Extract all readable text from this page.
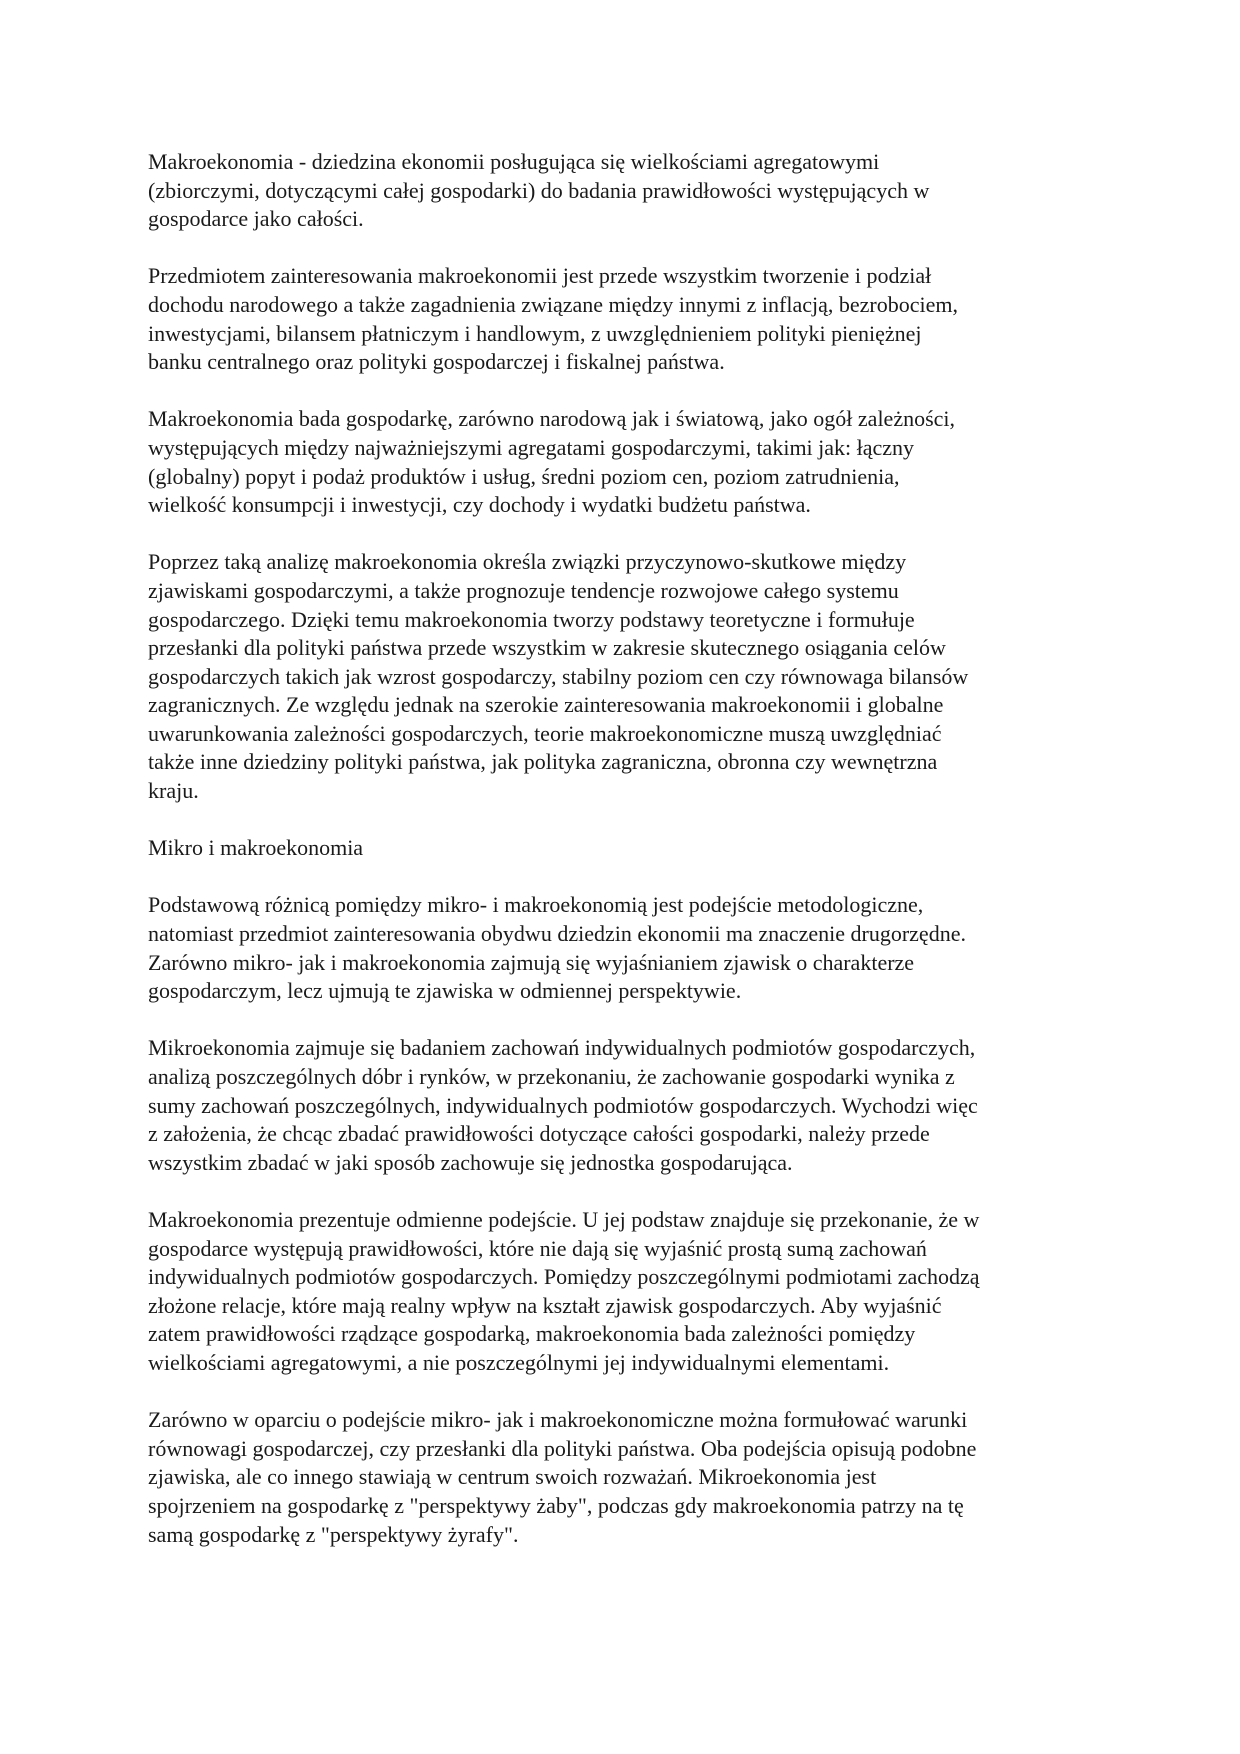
Makroekonomia - dziedzina ekonomii posługująca się wielkościami agregatowymi
(zbiorczymi, dotyczącymi całej gospodarki) do badania prawidłowości występujących w
gospodarce jako całości.

Przedmiotem zainteresowania makroekonomii jest przede wszystkim tworzenie i podział
dochodu narodowego a także zagadnienia związane między innymi z inflacją, bezrobociem,
inwestycjami, bilansem płatniczym i handlowym, z uwzględnieniem polityki pieniężnej
banku centralnego oraz polityki gospodarczej i fiskalnej państwa.

Makroekonomia bada gospodarkę, zarówno narodową jak i światową, jako ogół zależności,
występujących między najważniejszymi agregatami gospodarczymi, takimi jak: łączny
(globalny) popyt i podaż produktów i usług, średni poziom cen, poziom zatrudnienia,
wielkość konsumpcji i inwestycji, czy dochody i wydatki budżetu państwa.

Poprzez taką analizę makroekonomia określa związki przyczynowo-skutkowe między
zjawiskami gospodarczymi, a także prognozuje tendencje rozwojowe całego systemu
gospodarczego. Dzięki temu makroekonomia tworzy podstawy teoretyczne i formułuje
przesłanki dla polityki państwa przede wszystkim w zakresie skutecznego osiągania celów
gospodarczych takich jak wzrost gospodarczy, stabilny poziom cen czy równowaga bilansów
zagranicznych. Ze względu jednak na szerokie zainteresowania makroekonomii i globalne
uwarunkowania zależności gospodarczych, teorie makroekonomiczne muszą uwzględniać
także inne dziedziny polityki państwa, jak polityka zagraniczna, obronna czy wewnętrzna
kraju.

Mikro i makroekonomia

Podstawową różnicą pomiędzy mikro- i makroekonomią jest podejście metodologiczne,
natomiast przedmiot zainteresowania obydwu dziedzin ekonomii ma znaczenie drugorzędne.
Zarówno mikro- jak i makroekonomia zajmują się wyjaśnianiem zjawisk o charakterze
gospodarczym, lecz ujmują te zjawiska w odmiennej perspektywie.

Mikroekonomia zajmuje się badaniem zachowań indywidualnych podmiotów gospodarczych,
analizą poszczególnych dóbr i rynków, w przekonaniu, że zachowanie gospodarki wynika z
sumy zachowań poszczególnych, indywidualnych podmiotów gospodarczych. Wychodzi więc
z założenia, że chcąc zbadać prawidłowości dotyczące całości gospodarki, należy przede
wszystkim zbadać w jaki sposób zachowuje się jednostka gospodarująca.

Makroekonomia prezentuje odmienne podejście. U jej podstaw znajduje się przekonanie, że w
gospodarce występują prawidłowości, które nie dają się wyjaśnić prostą sumą zachowań
indywidualnych podmiotów gospodarczych. Pomiędzy poszczególnymi podmiotami zachodzą
złożone relacje, które mają realny wpływ na kształt zjawisk gospodarczych. Aby wyjaśnić
zatem prawidłowości rządzące gospodarką, makroekonomia bada zależności pomiędzy
wielkościami agregatowymi, a nie poszczególnymi jej indywidualnymi elementami.

Zarówno w oparciu o podejście mikro- jak i makroekonomiczne można formułować warunki
równowagi gospodarczej, czy przesłanki dla polityki państwa. Oba podejścia opisują podobne
zjawiska, ale co innego stawiają w centrum swoich rozważań. Mikroekonomia jest
spojrzeniem na gospodarkę z "perspektywy żaby", podczas gdy makroekonomia patrzy na tę
samą gospodarkę z "perspektywy żyrafy".
